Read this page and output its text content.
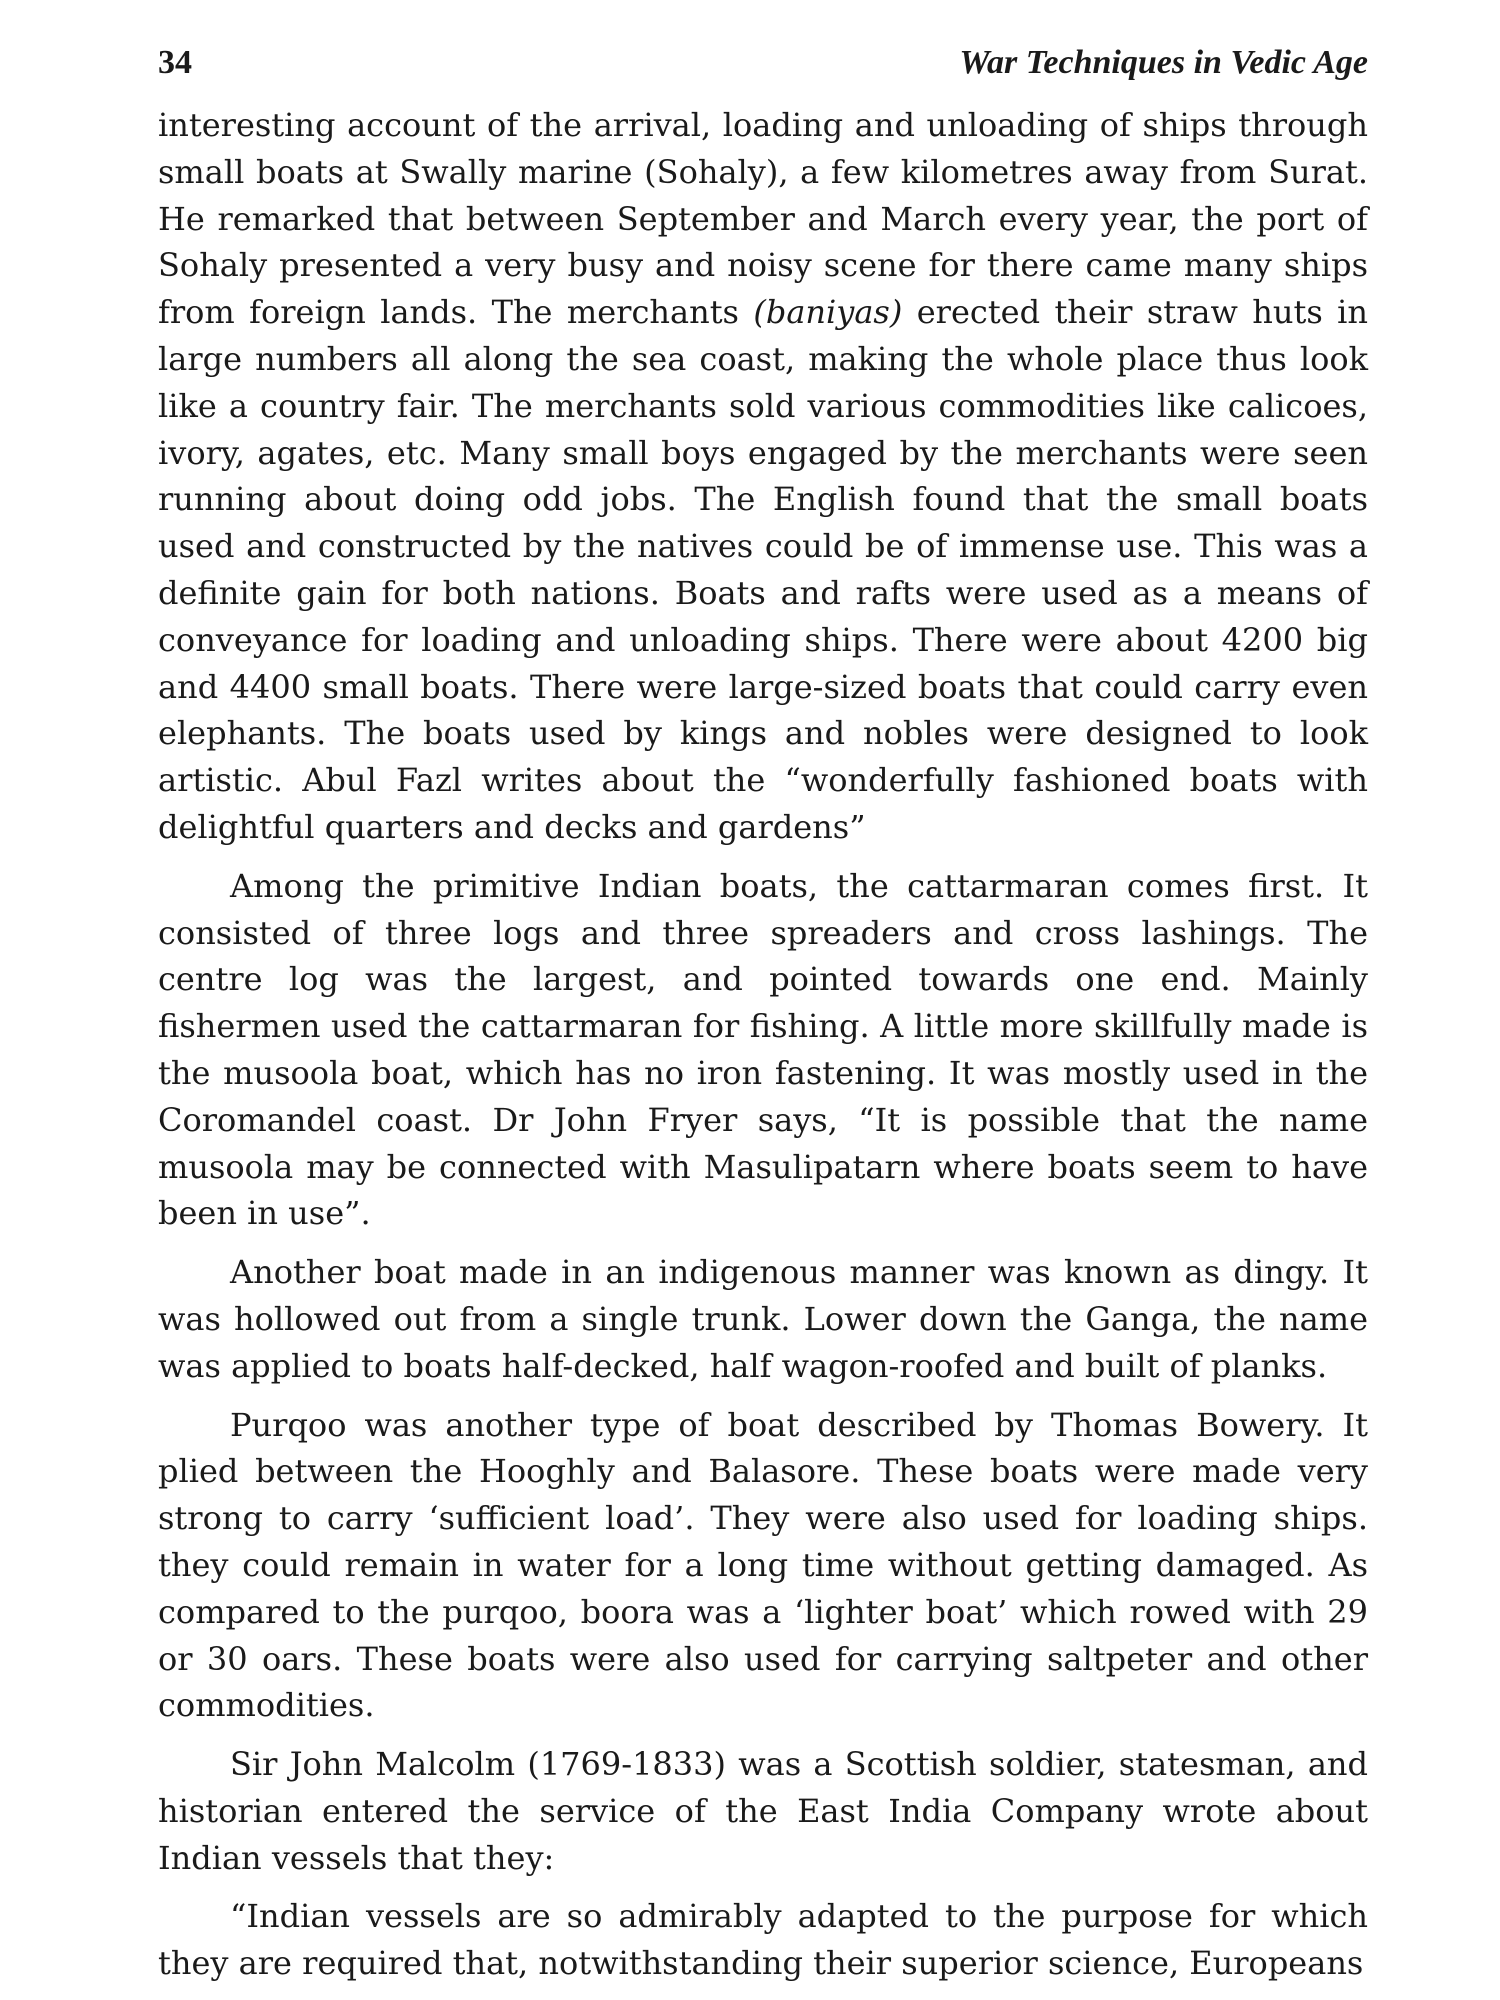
34	War Techniques in Vedic Age

interesting account of the arrival, loading and unloading of ships through small boats at Swally marine (Sohaly), a few kilometres away from Surat. He remarked that between September and March every year, the port of Sohaly presented a very busy and noisy scene for there came many ships from foreign lands. The merchants (baniyas) erected their straw huts in large numbers all along the sea coast, making the whole place thus look like a country fair. The merchants sold various commodities like calicoes, ivory, agates, etc. Many small boys engaged by the merchants were seen running about doing odd jobs. The English found that the small boats used and constructed by the natives could be of immense use. This was a definite gain for both nations. Boats and rafts were used as a means of conveyance for loading and unloading ships. There were about 4200 big and 4400 small boats. There were large-sized boats that could carry even elephants. The boats used by kings and nobles were designed to look artistic. Abul Fazl writes about the “wonderfully fashioned boats with delightful quarters and decks and gardens”

Among the primitive Indian boats, the cattarmaran comes first. It consisted of three logs and three spreaders and cross lashings. The centre log was the largest, and pointed towards one end. Mainly fishermen used the cattarmaran for fishing. A little more skillfully made is the musoola boat, which has no iron fastening. It was mostly used in the Coromandel coast. Dr John Fryer says, “It is possible that the name musoola may be connected with Masulipatarn where boats seem to have been in use”.

Another boat made in an indigenous manner was known as dingy. It was hollowed out from a single trunk. Lower down the Ganga, the name was applied to boats half-decked, half wagon-roofed and built of planks.

Purqoo was another type of boat described by Thomas Bowery. It plied between the Hooghly and Balasore. These boats were made very strong to carry ‘sufficient load’. They were also used for loading ships. they could remain in water for a long time without getting damaged. As compared to the purqoo, boora was a ‘lighter boat’ which rowed with 29 or 30 oars. These boats were also used for carrying saltpeter and other commodities.

Sir John Malcolm (1769-1833) was a Scottish soldier, statesman, and historian entered the service of the East India Company wrote about Indian vessels that they:

“Indian vessels are so admirably adapted to the purpose for which they are required that, notwithstanding their superior science, Europeans
